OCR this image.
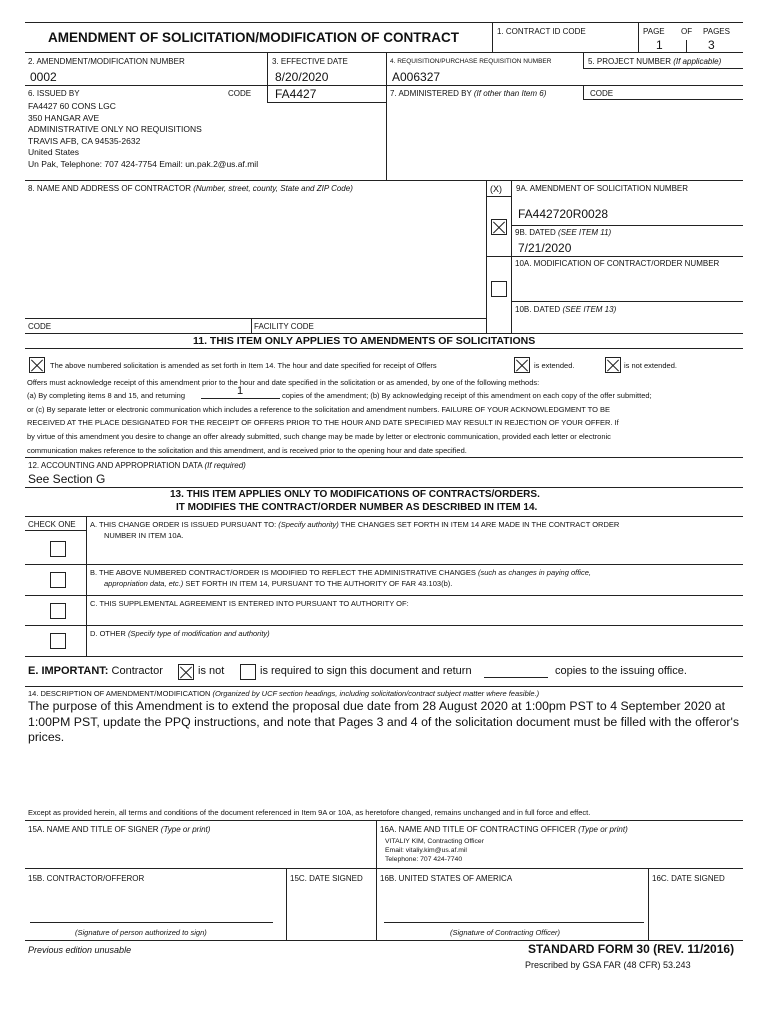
AMENDMENT OF SOLICITATION/MODIFICATION OF CONTRACT	1. CONTRACT ID CODE	PAGE OF PAGES
1	3
2. AMENDMENT/MODIFICATION NUMBER
0002
3. EFFECTIVE DATE
8/20/2020
4. REQUISITION/PURCHASE REQUISITION NUMBER
A006327
5. PROJECT NUMBER (If applicable)
6. ISSUED BY	CODE FA4427
FA4427 60 CONS LGC
350 HANGAR AVE
ADMINISTRATIVE ONLY NO REQUISITIONS
TRAVIS AFB, CA 94535-2632
United States
Un Pak, Telephone: 707 424-7754 Email: un.pak.2@us.af.mil
7. ADMINISTERED BY (If other than Item 6)	CODE
8. NAME AND ADDRESS OF CONTRACTOR (Number, street, county, State and ZIP Code)	(X) 9A. AMENDMENT OF SOLICITATION NUMBER
FA442720R0028
9B. DATED (SEE ITEM 11)
7/21/2020
10A. MODIFICATION OF CONTRACT/ORDER NUMBER
10B. DATED (SEE ITEM 13)
CODE	FACILITY CODE
11. THIS ITEM ONLY APPLIES TO AMENDMENTS OF SOLICITATIONS
The above numbered solicitation is amended as set forth in Item 14. The hour and date specified for receipt of Offers	is extended.	is not extended.
Offers must acknowledge receipt of this amendment prior to the hour and date specified in the solicitation or as amended, by one of the following methods:
(a) By completing items 8 and 15, and returning	1	copies of the amendment; (b) By acknowledging receipt of this amendment on each copy of the offer submitted;
or (c) By separate letter or electronic communication which includes a reference to the solicitation and amendment numbers. FAILURE OF YOUR ACKNOWLEDGMENT TO BE
RECEIVED AT THE PLACE DESIGNATED FOR THE RECEIPT OF OFFERS PRIOR TO THE HOUR AND DATE SPECIFIED MAY RESULT IN REJECTION OF YOUR OFFER. If
by virtue of this amendment you desire to change an offer already submitted, such change may be made by letter or electronic communication, provided each letter or electronic
communication makes reference to the solicitation and this amendment, and is received prior to the opening hour and date specified.
12. ACCOUNTING AND APPROPRIATION DATA (If required)
See Section G
13. THIS ITEM APPLIES ONLY TO MODIFICATIONS OF CONTRACTS/ORDERS.
IT MODIFIES THE CONTRACT/ORDER NUMBER AS DESCRIBED IN ITEM 14.
CHECK ONE A. THIS CHANGE ORDER IS ISSUED PURSUANT TO: (Specify authority) THE CHANGES SET FORTH IN ITEM 14 ARE MADE IN THE CONTRACT ORDER
NUMBER IN ITEM 10A.
B. THE ABOVE NUMBERED CONTRACT/ORDER IS MODIFIED TO REFLECT THE ADMINISTRATIVE CHANGES (such as changes in paying office,
appropriation data, etc.) SET FORTH IN ITEM 14, PURSUANT TO THE AUTHORITY OF FAR 43.103(b).
C. THIS SUPPLEMENTAL AGREEMENT IS ENTERED INTO PURSUANT TO AUTHORITY OF:
D. OTHER (Specify type of modification and authority)
E. IMPORTANT: Contractor	is not	is required to sign this document and return	copies to the issuing office.
14. DESCRIPTION OF AMENDMENT/MODIFICATION (Organized by UCF section headings, including solicitation/contract subject matter where feasible.)
The purpose of this Amendment is to extend the proposal due date from 28 August 2020 at 1:00pm PST to 4 September 2020 at 1:00PM PST, update the PPQ instructions, and note that Pages 3 and 4 of the solicitation document must be filled with the offeror's prices.
Except as provided herein, all terms and conditions of the document referenced in Item 9A or 10A, as heretofore changed, remains unchanged and in full force and effect.
15A. NAME AND TITLE OF SIGNER (Type or print)	16A. NAME AND TITLE OF CONTRACTING OFFICER (Type or print)
VITALIY KIM, Contracting Officer
Email: vitaliy.kim@us.af.mil
Telephone: 707 424-7740
15B. CONTRACTOR/OFFEROR	15C. DATE SIGNED 16B. UNITED STATES OF AMERICA	16C. DATE SIGNED
(Signature of person authorized to sign)	(Signature of Contracting Officer)
Previous edition unusable	STANDARD FORM 30 (REV. 11/2016)
Prescribed by GSA FAR (48 CFR) 53.243
